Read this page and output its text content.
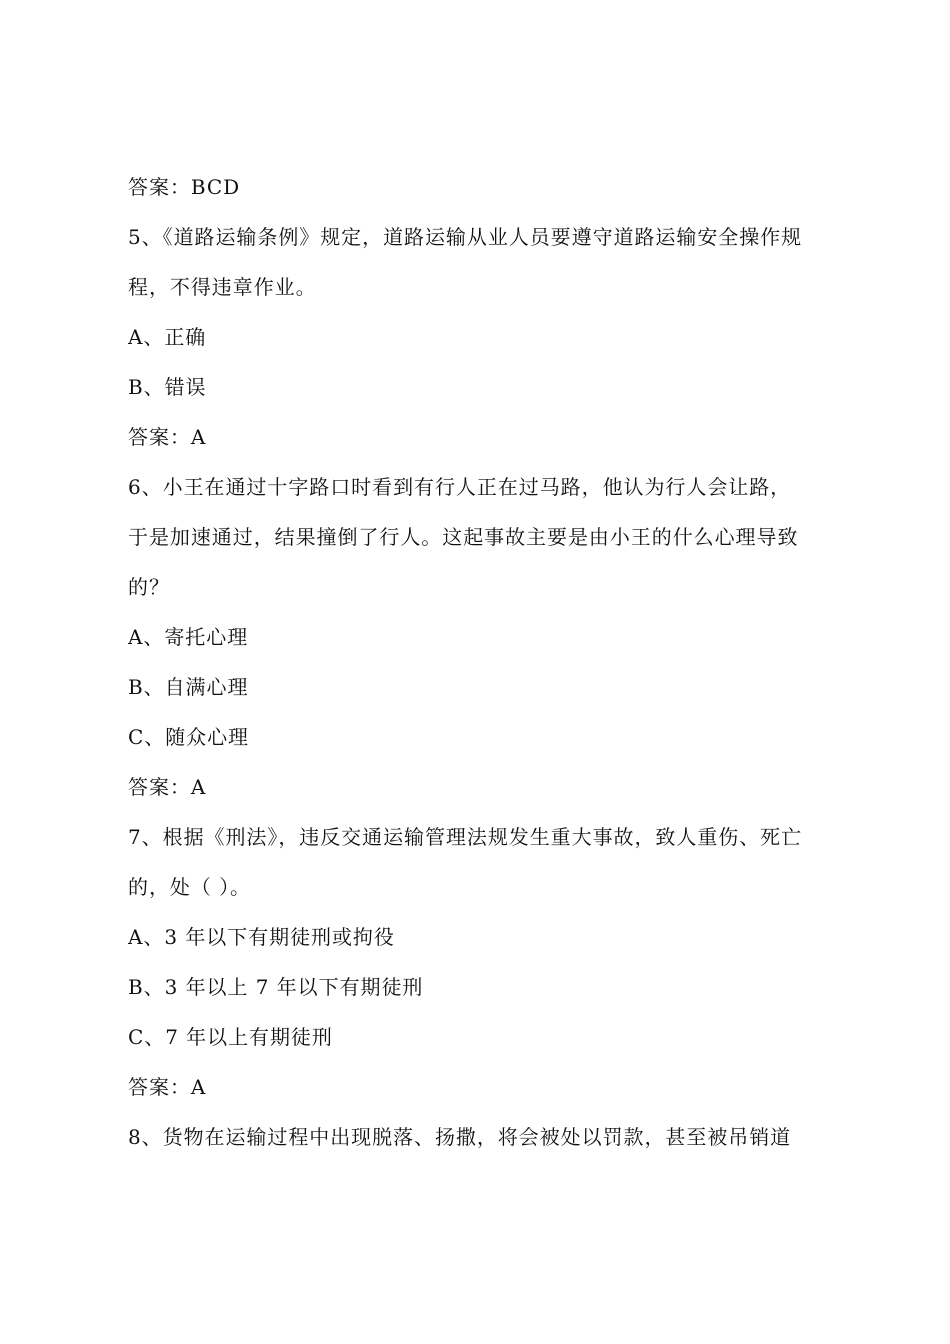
答案：BCD
5、《道路运输条例》规定，道路运输从业人员要遵守道路运输安全操作规
程，不得违章作业。
A、正确
B、错误
答案：A
6、小王在通过十字路口时看到有行人正在过马路，他认为行人会让路，
于是加速通过，结果撞倒了行人。这起事故主要是由小王的什么心理导致
的？
A、寄托心理
B、自满心理
C、随众心理
答案：A
7、根据《刑法》，违反交通运输管理法规发生重大事故，致人重伤、死亡
的，处（ ）。
A、3 年以下有期徒刑或拘役
B、3 年以上 7 年以下有期徒刑
C、7 年以上有期徒刑
答案：A
8、货物在运输过程中出现脱落、扬撒，将会被处以罚款，甚至被吊销道
